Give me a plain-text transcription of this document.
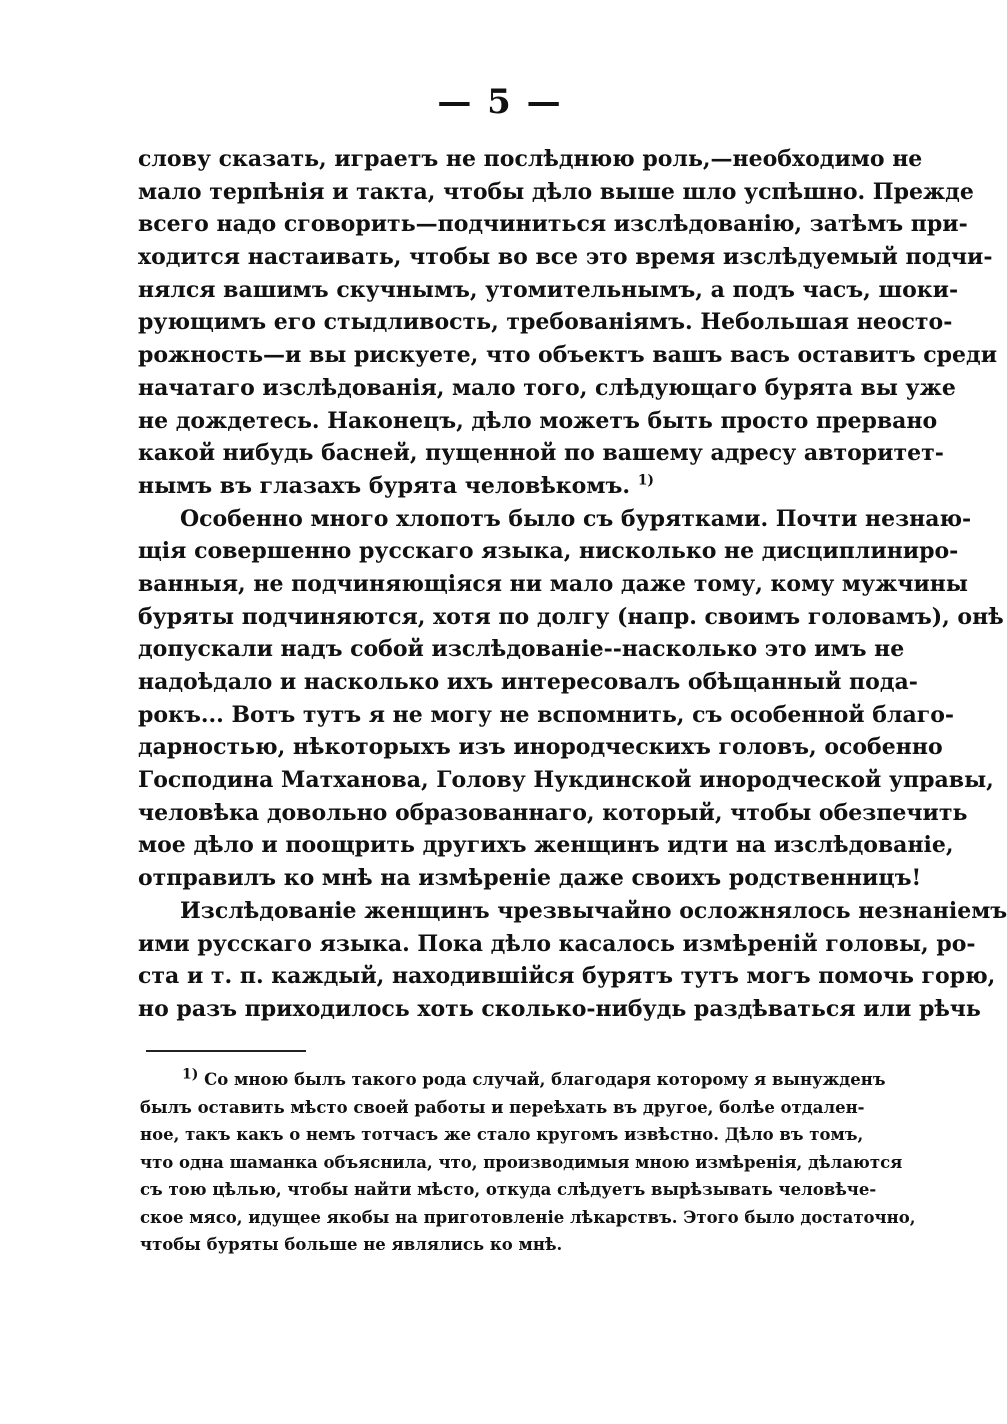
— 5 —
слову сказать, играетъ не послѣднюю роль,—необходимо не
мало терпѣнія и такта, чтобы дѣло выше шло успѣшно. Прежде
всего надо сговорить—подчиниться изслѣдованію, затѣмъ при-
ходится настаивать, чтобы во все это время изслѣдуемый подчи-
нялся вашимъ скучнымъ, утомительнымъ, а подъ часъ, шоки-
рующимъ его стыдливость, требованіямъ. Небольшая неосто-
рожность—и вы рискуете, что объектъ вашъ васъ оставитъ среди
начатаго изслѣдованія, мало того, слѣдующаго бурята вы уже
не дождетесь. Наконецъ, дѣло можетъ быть просто прервано
какой нибудь басней, пущенной по вашему адресу авторитет-
нымъ въ глазахъ бурята человѣкомъ. $^{1)}$
Особенно много хлопотъ было съ бурятками. Почти незнаю-
щія совершенно русскаго языка, нисколько не дисциплиниро-
ванныя, не подчиняющіяся ни мало даже тому, кому мужчины
буряты подчиняются, хотя по долгу (напр. своимъ головамъ), онѣ
допускали надъ собой изслѣдованіе--насколько это имъ не
надоѣдало и насколько ихъ интересовалъ обѣщанный пода-
рокъ... Вотъ тутъ я не могу не вспомнить, съ особенной благо-
дарностью, нѣкоторыхъ изъ инородческихъ головъ, особенно
Господина Матханова, Голову Нукдинской инородческой управы,
человѣка довольно образованнаго, который, чтобы обезпечить
мое дѣло и поощрить другихъ женщинъ идти на изслѣдованіе,
отправилъ ко мнѣ на измѣреніе даже своихъ родственницъ!
Изслѣдованіе женщинъ чрезвычайно осложнялось незнаніемъ
ими русскаго языка. Пока дѣло касалось измѣреній головы, ро-
ста и т. п. каждый, находившійся бурятъ тутъ могъ помочь горю,
но разъ приходилось хоть сколько-нибудь раздѣваться или рѣчь
$^{1)}$ Со мною былъ такого рода случай, благодаря которому я вынужденъ
былъ оставить мѣсто своей работы и переѣхать въ другое, болѣе отдален-
ное, такъ какъ о немъ тотчасъ же стало кругомъ извѣстно. Дѣло въ томъ,
что одна шаманка объяснила, что, производимыя мною измѣренія, дѣлаются
съ тою цѣлью, чтобы найти мѣсто, откуда слѣдуетъ вырѣзывать человѣче-
ское мясо, идущее якобы на приготовленіе лѣкарствъ. Этого было достаточно,
чтобы буряты больше не являлись ко мнѣ.
